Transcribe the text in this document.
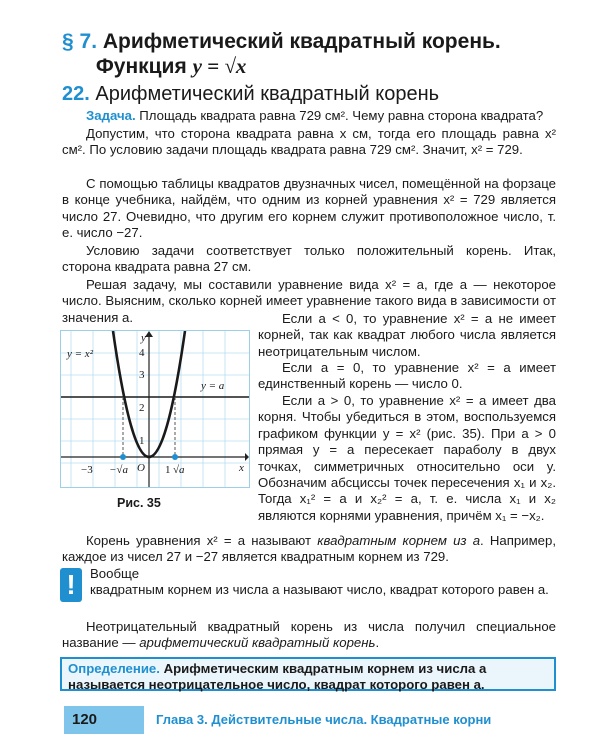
§ 7. Арифметический квадратный корень.
Функция y = √x
22. Арифметический квадратный корень

Задача. Площадь квадрата равна 729 см². Чему равна сторона квадрата?

Допустим, что сторона квадрата равна x см, тогда его площадь равна x² см². По условию задачи площадь квадрата равна 729 см². Значит, x² = 729.

С помощью таблицы квадратов двузначных чисел, помещённой на форзаце в конце учебника, найдём, что одним из корней уравнения x² = 729 является число 27. Очевидно, что другим его корнем служит противоположное число, т. е. число −27.

Условию задачи соответствует только положительный корень. Итак, сторона квадрата равна 27 см.

Решая задачу, мы составили уравнение вида x² = a, где a — некоторое число. Выясним, сколько корней имеет уравнение такого вида в зависимости от значения a.

y = x²
y = a
y
x
O
4
3
2
1
−3 −√a	1 √a
Рис. 35

Если a < 0, то уравнение x² = a не имеет корней, так как квадрат любого числа является неотрицательным числом.

Если a = 0, то уравнение x² = a имеет единственный корень — число 0.

Если a > 0, то уравнение x² = a имеет два корня. Чтобы убедиться в этом, воспользуемся графиком функции y = x² (рис. 35). При a > 0 прямая y = a пересекает параболу в двух точках, симметричных относительно оси y. Обозначим абсциссы точек пересечения x₁ и x₂. Тогда x₁² = a и x₂² = a, т. е. числа x₁ и x₂ являются корнями уравнения, причём x₁ = −x₂.

Корень уравнения x² = a называют квадратным корнем из a. Например, каждое из чисел 27 и −27 является квадратным корнем из 729.

!	Вообще
квадратным корнем из числа a называют число, квадрат которого равен a.

Неотрицательный квадратный корень из числа получил специальное название — арифметический квадратный корень.

Определение. Арифметическим квадратным корнем из числа a называется неотрицательное число, квадрат которого равен a.
120	Глава 3. Действительные числа. Квадратные корни
